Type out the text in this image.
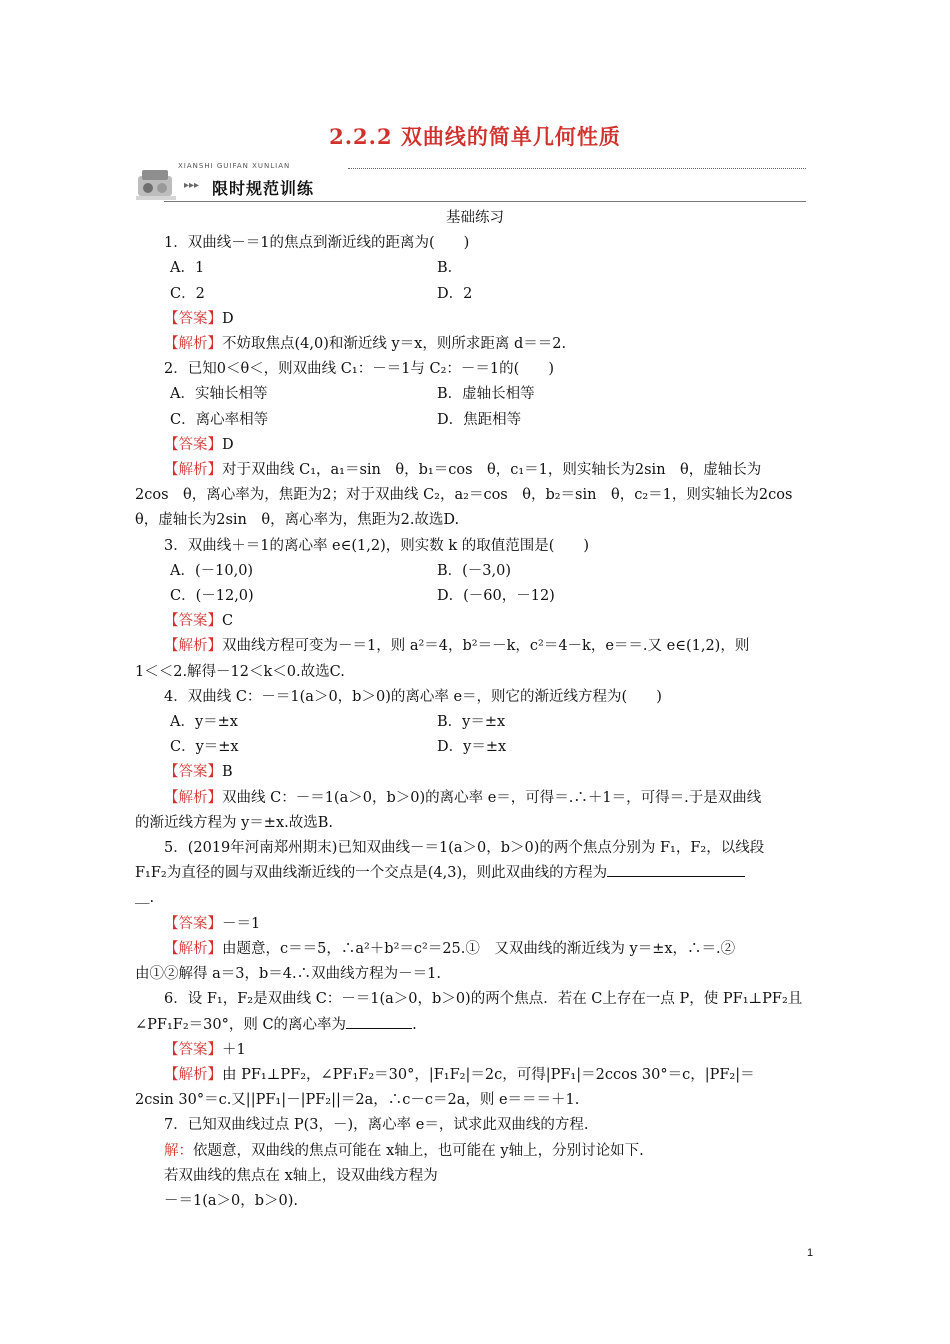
2.2.2 双曲线的简单几何性质
XIANSHI GUIFAN XUNLIAN
▸▸▸ 限时规范训练
基础练习
1．双曲线－＝1的焦点到渐近线的距离为(　　)
A．1	B．
C．2	D．2
【答案】D
【解析】不妨取焦点(4,0)和渐近线 y＝x，则所求距离 d＝＝2.
2．已知0＜θ＜，则双曲线 C₁：－＝1与 C₂：－＝1的(　　)
A．实轴长相等	B．虚轴长相等
C．离心率相等	D．焦距相等
【答案】D
【解析】对于双曲线 C₁，a₁＝sin　θ，b₁＝cos　θ，c₁＝1，则实轴长为2sin　θ，虚轴长为
2cos　θ，离心率为，焦距为2；对于双曲线 C₂，a₂＝cos　θ，b₂＝sin　θ，c₂＝1，则实轴长为2cos
θ，虚轴长为2sin　θ，离心率为，焦距为2.故选D.
3．双曲线＋＝1的离心率 e∈(1,2)，则实数 k 的取值范围是(　　)
A．(－10,0)	B．(－3,0)
C．(－12,0)	D．(－60，－12)
【答案】C
【解析】双曲线方程可变为－＝1，则 a²＝4，b²＝－k，c²＝4－k，e＝＝.又 e∈(1,2)，则
1＜＜2.解得－12＜k＜0.故选C.
4．双曲线 C：－＝1(a＞0，b＞0)的离心率 e＝，则它的渐近线方程为(　　)
A．y＝±x	B．y＝±x
C．y＝±x	D．y＝±x
【答案】B
【解析】双曲线 C：－＝1(a＞0，b＞0)的离心率 e＝，可得＝.∴＋1＝，可得＝.于是双曲线
的渐近线方程为 y＝±x.故选B.
5．(2019年河南郑州期末)已知双曲线－＝1(a＞0，b＞0)的两个焦点分别为 F₁，F₂，以线段
F₁F₂为直径的圆与双曲线渐近线的一个交点是(4,3)，则此双曲线的方程为
＿.
【答案】－＝1
【解析】由题意，c＝＝5，∴a²＋b²＝c²＝25.①　又双曲线的渐近线为 y＝±x，∴＝.②
由①②解得 a＝3，b＝4.∴双曲线方程为－＝1.
6．设 F₁，F₂是双曲线 C：－＝1(a＞0，b＞0)的两个焦点．若在 C上存在一点 P，使 PF₁⊥PF₂且
∠PF₁F₂＝30°，则 C的离心率为	.
【答案】＋1
【解析】由 PF₁⊥PF₂，∠PF₁F₂＝30°，|F₁F₂|＝2c，可得|PF₁|＝2ccos 30°＝c，|PF₂|＝
2csin 30°＝c.又||PF₁|－|PF₂||＝2a，∴c－c＝2a，则 e＝＝＝＋1.
7．已知双曲线过点 P(3，－)，离心率 e＝，试求此双曲线的方程.
解：依题意，双曲线的焦点可能在 x轴上，也可能在 y轴上，分别讨论如下.
若双曲线的焦点在 x轴上，设双曲线方程为
－＝1(a＞0，b＞0).
1
